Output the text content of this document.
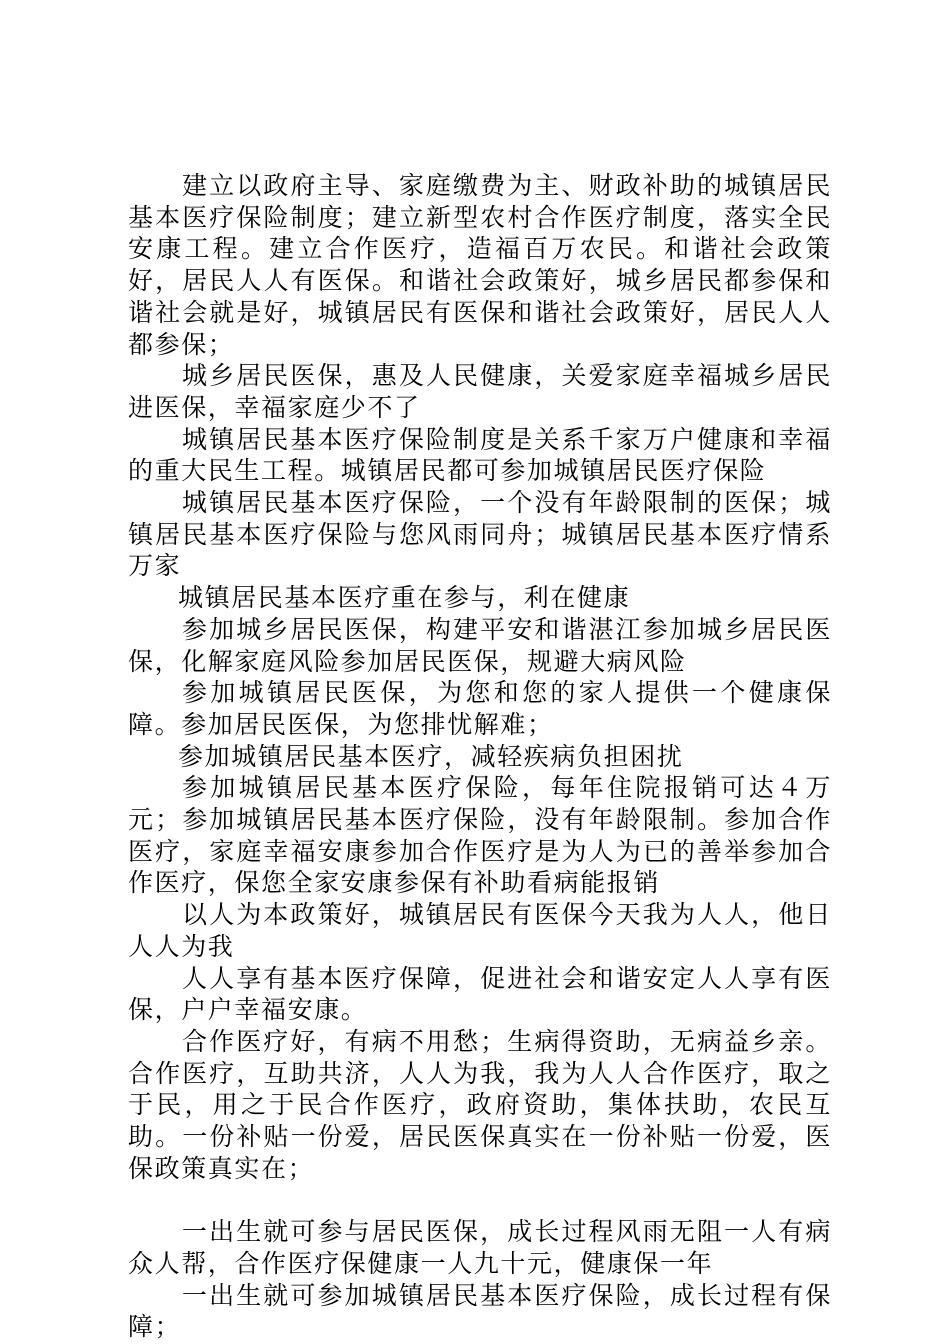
建立以政府主导、家庭缴费为主、财政补助的城镇居民基本医疗保险制度；建立新型农村合作医疗制度，落实全民安康工程。建立合作医疗，造福百万农民。和谐社会政策好，居民人人有医保。和谐社会政策好，城乡居民都参保和谐社会就是好，城镇居民有医保和谐社会政策好，居民人人都参保；

城乡居民医保，惠及人民健康，关爱家庭幸福城乡居民进医保，幸福家庭少不了

城镇居民基本医疗保险制度是关系千家万户健康和幸福的重大民生工程。城镇居民都可参加城镇居民医疗保险

城镇居民基本医疗保险，一个没有年龄限制的医保；城镇居民基本医疗保险与您风雨同舟；城镇居民基本医疗情系万家

城镇居民基本医疗重在参与，利在健康

参加城乡居民医保，构建平安和谐湛江参加城乡居民医保，化解家庭风险参加居民医保，规避大病风险

参加城镇居民医保，为您和您的家人提供一个健康保障。参加居民医保，为您排忧解难；

参加城镇居民基本医疗，减轻疾病负担困扰

参加城镇居民基本医疗保险，每年住院报销可达４万元；参加城镇居民基本医疗保险，没有年龄限制。参加合作医疗，家庭幸福安康参加合作医疗是为人为已的善举参加合作医疗，保您全家安康参保有补助看病能报销

以人为本政策好，城镇居民有医保今天我为人人，他日人人为我

人人享有基本医疗保障，促进社会和谐安定人人享有医保，户户幸福安康。

合作医疗好，有病不用愁；生病得资助，无病益乡亲。合作医疗，互助共济，人人为我，我为人人合作医疗，取之于民，用之于民合作医疗，政府资助，集体扶助，农民互助。一份补贴一份爱，居民医保真实在一份补贴一份爱，医保政策真实在；

一出生就可参与居民医保，成长过程风雨无阻一人有病众人帮，合作医疗保健康一人九十元，健康保一年

一出生就可参加城镇居民基本医疗保险，成长过程有保障；
